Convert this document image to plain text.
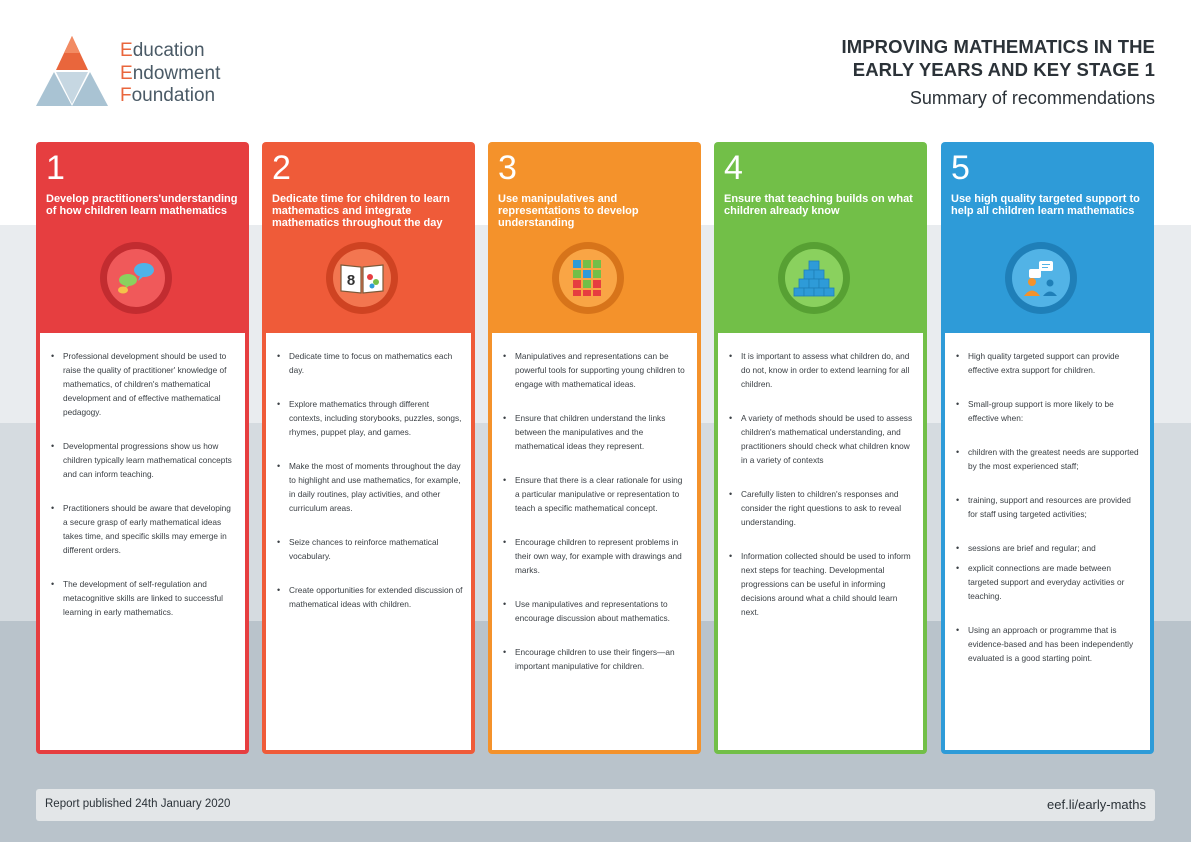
Education
Endowment
Foundation
IMPROVING MATHEMATICS IN THE
EARLY YEARS AND KEY STAGE 1
Summary of recommendations
1
Develop practitioners'understanding of how children learn mathematics
• Professional development should be used to raise the quality of practitioner' knowledge of mathematics, of children's mathematical development and of effective mathematical pedagogy.
• Developmental progressions show us how children typically learn mathematical concepts and can inform teaching.
• Practitioners should be aware that developing a secure grasp of early mathematical ideas takes time, and specific skills may emerge in different orders.
• The development of self-regulation and metacognitive skills are linked to successful learning in early mathematics.
2
Dedicate time for children to learn mathematics and integrate mathematics throughout the day
8
• Dedicate time to focus on mathematics each day.
• Explore mathematics through different contexts, including storybooks, puzzles, songs, rhymes, puppet play, and games.
• Make the most of moments throughout the day to highlight and use mathematics, for example, in daily routines, play activities, and other curriculum areas.
• Seize chances to reinforce mathematical vocabulary.
• Create opportunities for extended discussion of mathematical ideas with children.
3
Use manipulatives and representations to develop understanding
• Manipulatives and representations can be powerful tools for supporting young children to engage with mathematical ideas.
• Ensure that children understand the links between the manipulatives and the mathematical ideas they represent.
• Ensure that there is a clear rationale for using a particular manipulative or representation to teach a specific mathematical concept.
• Encourage children to represent problems in their own way, for example with drawings and marks.
• Use manipulatives and representations to encourage discussion about mathematics.
• Encourage children to use their fingers—an important manipulative for children.
4
Ensure that teaching builds on what children already know
• It is important to assess what children do, and do not, know in order to extend learning for all children.
• A variety of methods should be used to assess children's mathematical understanding, and practitioners should check what children know in a variety of contexts
• Carefully listen to children's responses and consider the right questions to ask to reveal understanding.
• Information collected should be used to inform next steps for teaching. Developmental progressions can be useful in informing decisions around what a child should learn next.
5
Use high quality targeted support to help all children learn mathematics
• High quality targeted support can provide effective extra support for children.
• Small-group support is more likely to be effective when:
• children with the greatest needs are supported by the most experienced staff;
• training, support and resources are provided for staff using targeted activities;
• sessions are brief and regular; and
• explicit connections are made between targeted support and everyday activities or teaching.
• Using an approach or programme that is evidence-based and has been independently evaluated is a good starting point.
Report published 24th January 2020	eef.li/early-maths
